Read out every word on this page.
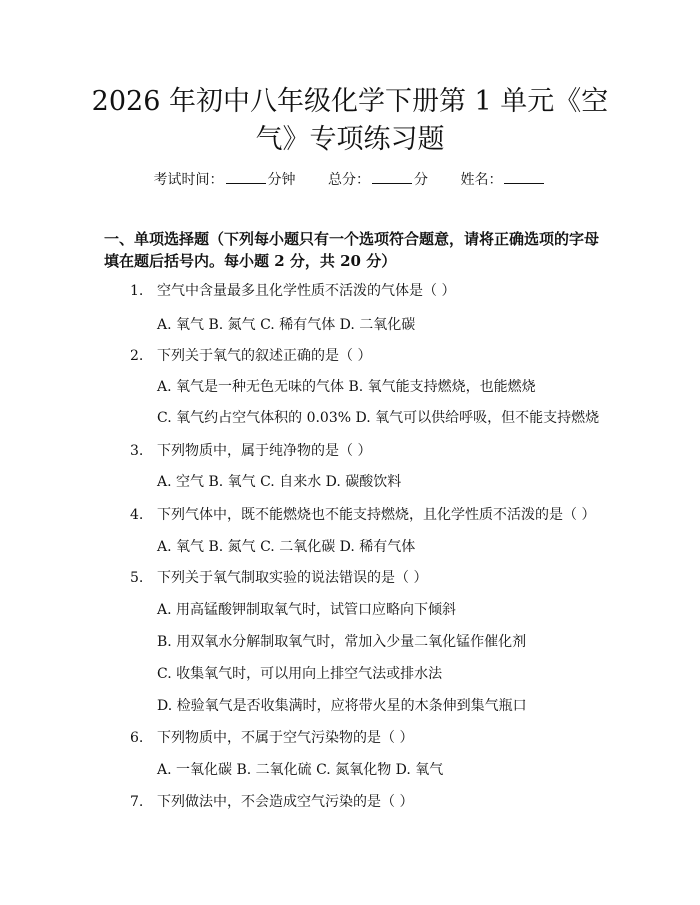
2026 年初中八年级化学下册第 1 单元《空
气》专项练习题
考试时间：	分钟 总分：	分 姓名：
一、单项选择题（下列每小题只有一个选项符合题意，请将正确选项的字母填在题后括号内。每小题 2 分，共 20 分）
1. 空气中含量最多且化学性质不活泼的气体是（ ）
A. 氧气 B. 氮气 C. 稀有气体 D. 二氧化碳
2. 下列关于氧气的叙述正确的是（ ）
A. 氧气是一种无色无味的气体 B. 氧气能支持燃烧，也能燃烧
C. 氧气约占空气体积的 0.03% D. 氧气可以供给呼吸，但不能支持燃烧
3. 下列物质中，属于纯净物的是（ ）
A. 空气 B. 氧气 C. 自来水 D. 碳酸饮料
4. 下列气体中，既不能燃烧也不能支持燃烧，且化学性质不活泼的是（ ）
A. 氧气 B. 氮气 C. 二氧化碳 D. 稀有气体
5. 下列关于氧气制取实验的说法错误的是（ ）
A. 用高锰酸钾制取氧气时，试管口应略向下倾斜
B. 用双氧水分解制取氧气时，常加入少量二氧化锰作催化剂
C. 收集氧气时，可以用向上排空气法或排水法
D. 检验氧气是否收集满时，应将带火星的木条伸到集气瓶口
6. 下列物质中，不属于空气污染物的是（ ）
A. 一氧化碳 B. 二氧化硫 C. 氮氧化物 D. 氧气
7. 下列做法中，不会造成空气污染的是（ ）
